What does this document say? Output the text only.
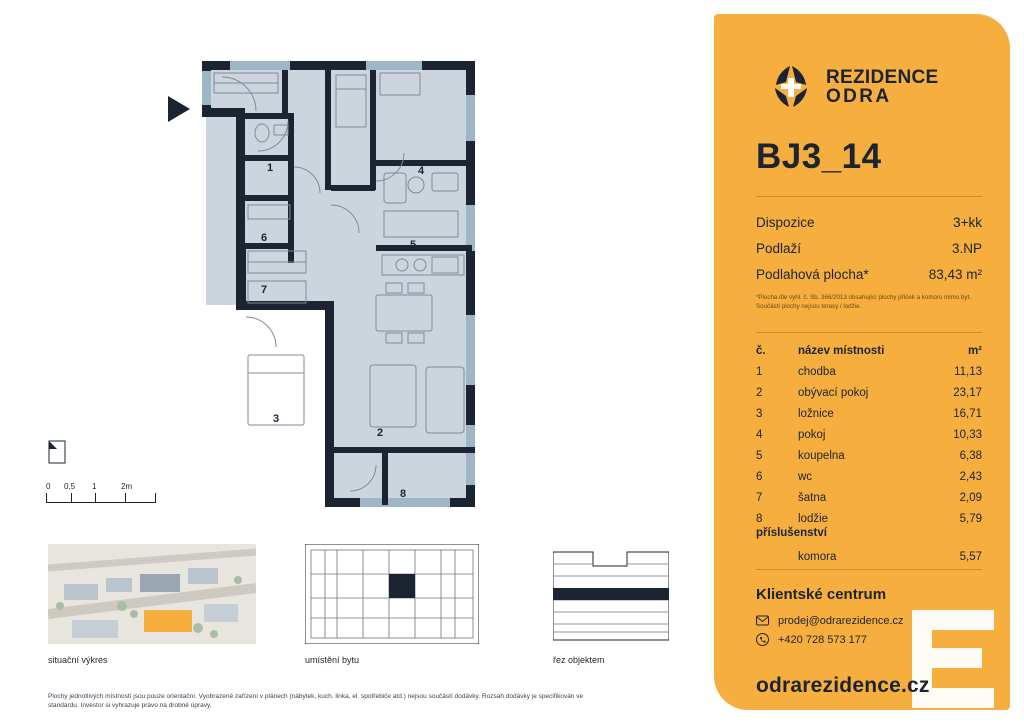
1
2
3
4
5
6
7
8
0 0,5 1	2m
situační výkres	umístění bytu	řez objektem
Plochy jednotlivých místností jsou pouze orientační. Vyobrazené zařízení v plánech (nábytek, kuch. linka, el. spotřebiče atd.) nejsou součástí dodávky. Rozsah dodávky je specifikován ve standardu. Investor si vyhrazuje právo na drobné úpravy.
REZIDENCE
ODRA
BJ3_14
Dispozice	3+kk
Podlaží	3.NP
Podlahová plocha*	83,43 m²
*Plocha dle vyhl. č. Sb, 366/2013 obsahující plochy příček a komoru mimo byt. Součástí plochy nejsou terasy / lodžie.
č.	název místnosti	m²
1	chodba	11,13
2	obývací pokoj	23,17
3	ložnice	16,71
4	pokoj	10,33
5	koupelna	6,38
6	wc	2,43
7	šatna	2,09
8	lodžie	5,79
příslušenství
komora	5,57
Klientské centrum
prodej@odrarezidence.cz
+420 728 573 177
odrarezidence.cz
